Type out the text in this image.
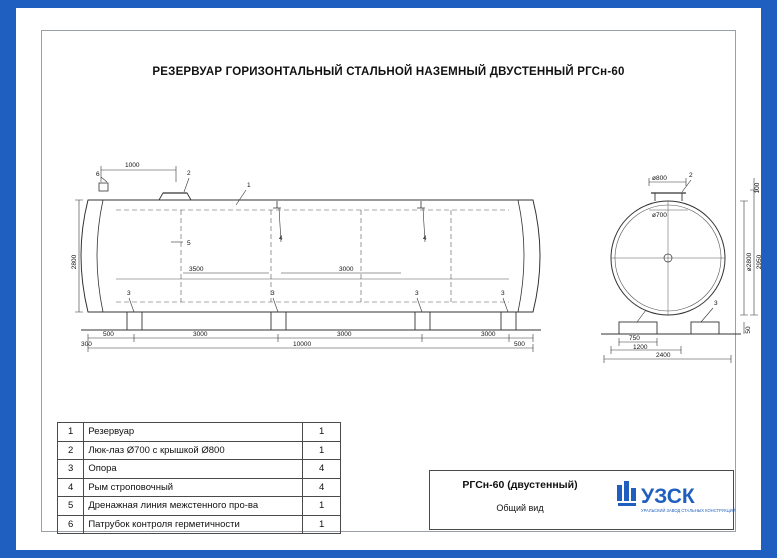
РЕЗЕРВУАР ГОРИЗОНТАЛЬНЫЙ СТАЛЬНОЙ НАЗЕМНЫЙ ДВУСТЕННЫЙ РГСн-60
2
1
6
5
3	3	3	3
4	4
1000
2800
3500	3000
500	3000	3000	3000
300	500
10000
2
3
ø800
ø700
ø2800 2950
100
50
750
1200
2400
1	Резервуар	1
2	Люк-лаз Ø700 с крышкой Ø800	1
3	Опора	4
4	Рым строповочный	4
5	Дренажная линия межстенного про-ва	1
6	Патрубок контроля герметичности	1
РГСн-60 (двустенный)
Общий вид	УЗСК
УРАЛЬСКИЙ ЗАВОД СТАЛЬНЫХ КОНСТРУКЦИЙ
